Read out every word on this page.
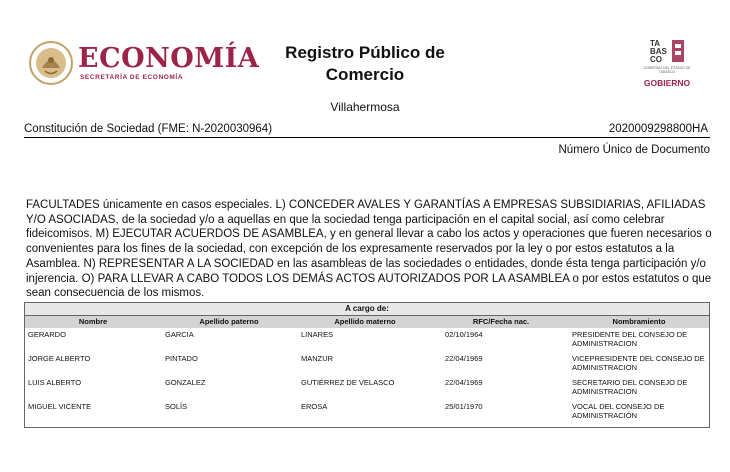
ECONOMÍA
SECRETARÍA DE ECONOMÍA
Registro Público de
Comercio
Villahermosa
TA
BAS
CO
GOBIERNO DEL ESTADO DE TABASCO
GOBIERNO
Constitución de Sociedad (FME: N-2020030964)	2020009298800HA
Número Único de Documento
FACULTADES únicamente en casos especiales. L) CONCEDER AVALES Y GARANTÍAS A EMPRESAS SUBSIDIARIAS, AFILIADAS Y/O ASOCIADAS, de la sociedad y/o a aquellas en que la sociedad tenga participación en el capital social, así como celebrar fideicomisos. M) EJECUTAR ACUERDOS DE ASAMBLEA, y en general llevar a cabo los actos y operaciones que fueren necesarios o convenientes para los fines de la sociedad, con excepción de los expresamente reservados por la ley o por estos estatutos a la Asamblea. N) REPRESENTAR A LA SOCIEDAD en las asambleas de las sociedades o entidades, donde ésta tenga participación y/o injerencia. O) PARA LLEVAR A CABO TODOS LOS DEMÁS ACTOS AUTORIZADOS POR LA ASAMBLEA o por estos estatutos o que sean consecuencia de los mismos.
A cargo de:
Nombre	Apellido paterno	Apellido materno	RFC/Fecha nac.	Nombramiento
GERARDO	GARCIA	LINARES	02/10/1964	PRESIDENTE DEL CONSEJO DE ADMINISTRACION
JORGE ALBERTO	PINTADO	MANZUR	22/04/1969	VICEPRESIDENTE DEL CONSEJO DE ADMINISTRACION
LUIS ALBERTO	GONZALEZ	GUTIÉRREZ DE VELASCO	22/04/1969	SECRETARIO DEL CONSEJO DE ADMINISTRACION
MIGUEL VICENTE	SOLÍS	EROSA	25/01/1970	VOCAL DEL CONSEJO DE ADMINISTRACIÓN
